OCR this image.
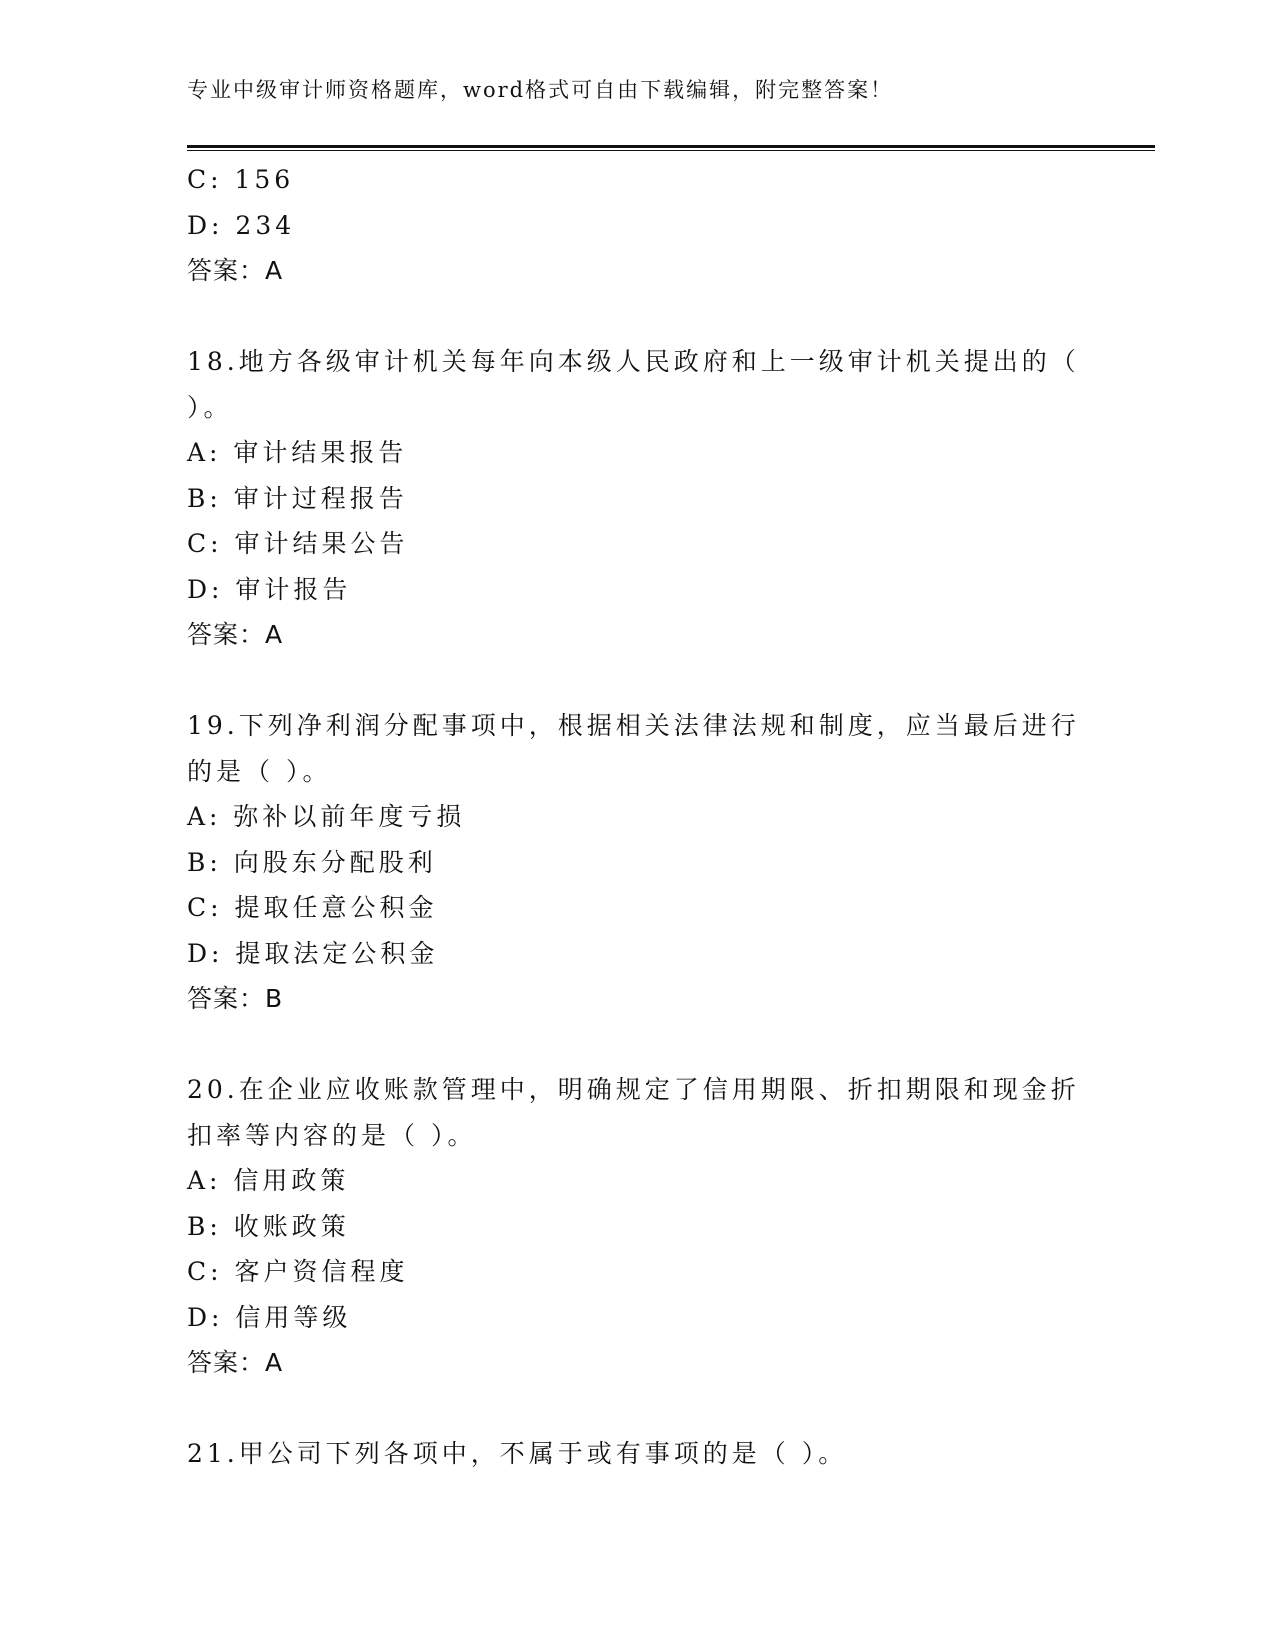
专业中级审计师资格题库，word格式可自由下载编辑，附完整答案！
C: 156
D: 234
答案：A
18.地方各级审计机关每年向本级人民政府和上一级审计机关提出的（
）。
A: 审计结果报告
B: 审计过程报告
C: 审计结果公告
D: 审计报告
答案：A
19.下列净利润分配事项中，根据相关法律法规和制度，应当最后进行
的是（ ）。
A: 弥补以前年度亏损
B: 向股东分配股利
C: 提取任意公积金
D: 提取法定公积金
答案：B
20.在企业应收账款管理中，明确规定了信用期限、折扣期限和现金折
扣率等内容的是（ ）。
A: 信用政策
B: 收账政策
C: 客户资信程度
D: 信用等级
答案：A
21.甲公司下列各项中，不属于或有事项的是（ ）。
